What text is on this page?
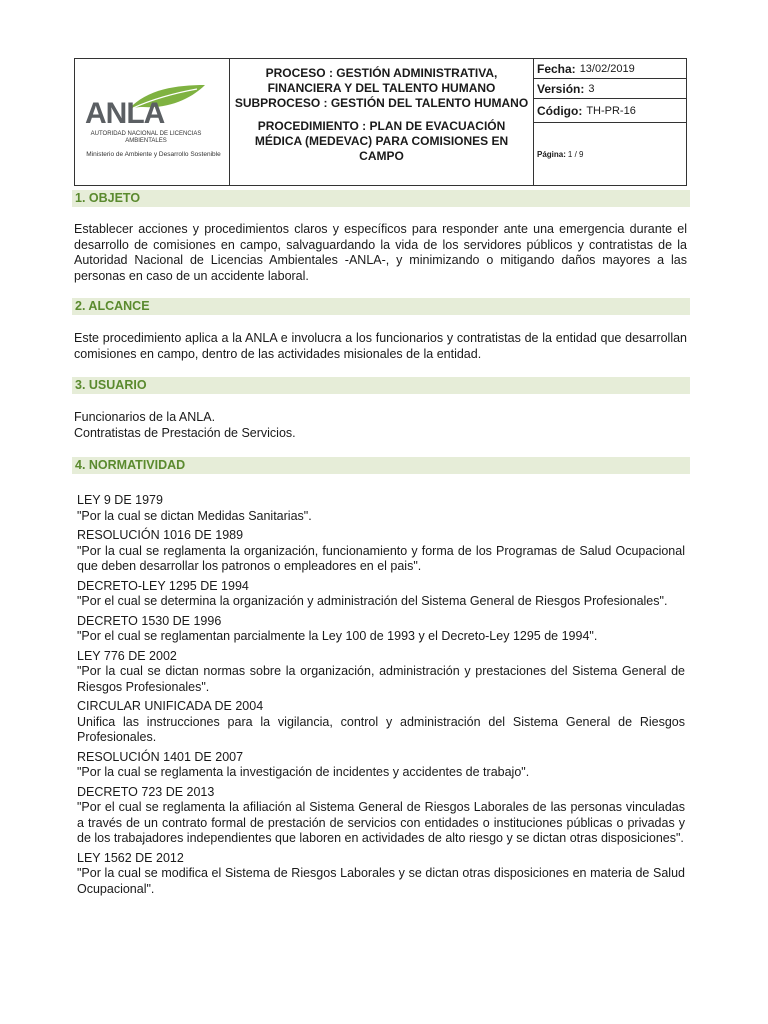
ANLA
AUTORIDAD NACIONAL DE LICENCIAS AMBIENTALES
Ministerio de Ambiente y Desarrollo Sostenible
PROCESO : GESTIÓN ADMINISTRATIVA, FINANCIERA Y DEL TALENTO HUMANO
SUBPROCESO : GESTIÓN DEL TALENTO HUMANO
PROCEDIMIENTO : PLAN DE EVACUACIÓN MÉDICA (MEDEVAC) PARA COMISIONES EN CAMPO
Fecha: 13/02/2019
Versión: 3
Código: TH-PR-16
Página: 1 / 9
1. OBJETO
Establecer acciones y procedimientos claros y específicos para responder ante una emergencia durante el desarrollo de comisiones en campo, salvaguardando la vida de los servidores públicos y contratistas de la Autoridad Nacional de Licencias Ambientales -ANLA-, y minimizando o mitigando daños mayores a las personas en caso de un accidente laboral.
2. ALCANCE
Este procedimiento aplica a la ANLA e involucra a los funcionarios y contratistas de la entidad que desarrollan comisiones en campo, dentro de las actividades misionales de la entidad.
3. USUARIO
Funcionarios de la ANLA.
Contratistas de Prestación de Servicios.
4. NORMATIVIDAD
LEY 9 DE 1979
"Por la cual se dictan Medidas Sanitarias".
RESOLUCIÓN 1016 DE 1989
"Por la cual se reglamenta la organización, funcionamiento y forma de los Programas de Salud Ocupacional que deben desarrollar los patronos o empleadores en el pais".
DECRETO-LEY 1295 DE 1994
"Por el cual se determina la organización y administración del Sistema General de Riesgos Profesionales".
DECRETO 1530 DE 1996
"Por el cual se reglamentan parcialmente la Ley 100 de 1993 y el Decreto-Ley 1295 de 1994".
LEY 776 DE 2002
"Por la cual se dictan normas sobre la organización, administración y prestaciones del Sistema General de Riesgos Profesionales".
CIRCULAR UNIFICADA DE 2004
Unifica las instrucciones para la vigilancia, control y administración del Sistema General de Riesgos Profesionales.
RESOLUCIÓN 1401 DE 2007
"Por la cual se reglamenta la investigación de incidentes y accidentes de trabajo".
DECRETO 723 DE 2013
"Por el cual se reglamenta la afiliación al Sistema General de Riesgos Laborales de las personas vinculadas a través de un contrato formal de prestación de servicios con entidades o instituciones públicas o privadas y de los trabajadores independientes que laboren en actividades de alto riesgo y se dictan otras disposiciones".
LEY 1562 DE 2012
"Por la cual se modifica el Sistema de Riesgos Laborales y se dictan otras disposiciones en materia de Salud Ocupacional".
